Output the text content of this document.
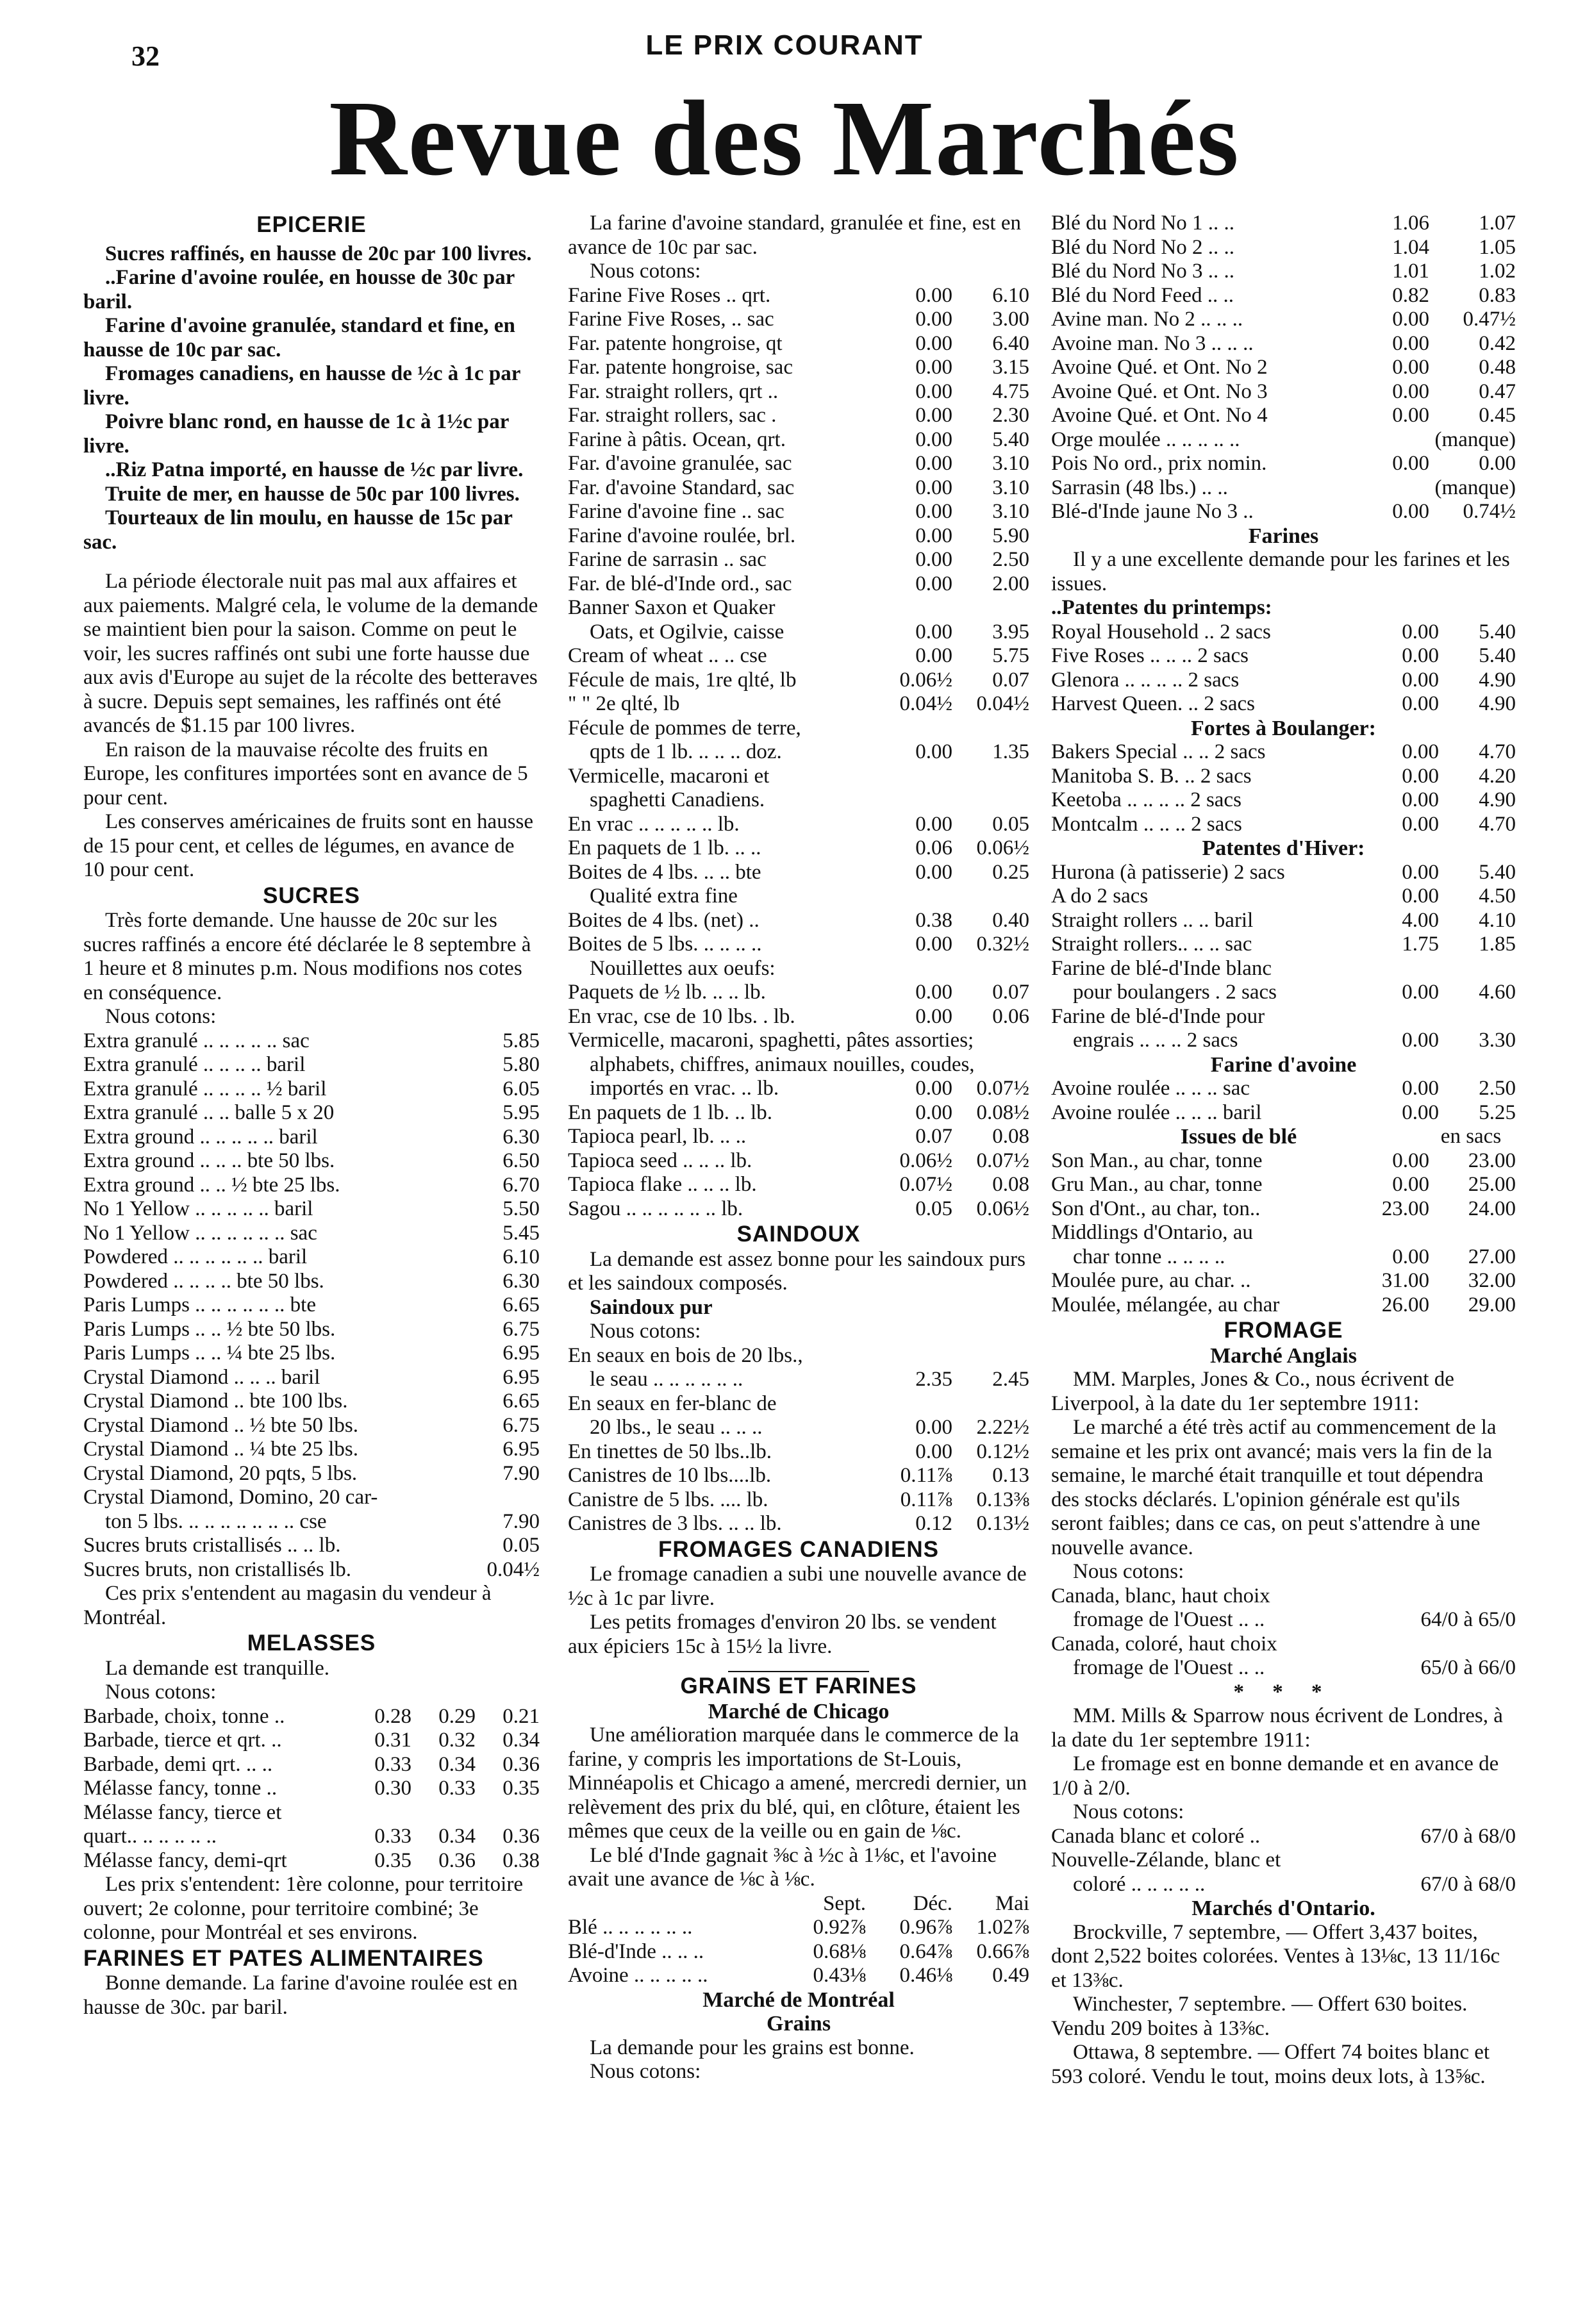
32	LE PRIX COURANT
Revue des Marchés
EPICERIE

Sucres raffinés, en hausse de 20c par 100 livres.

..Farine d'avoine roulée, en housse de 30c par baril.

Farine d'avoine granulée, standard et fine, en hausse de 10c par sac.

Fromages canadiens, en hausse de ½c à 1c par livre.

Poivre blanc rond, en hausse de 1c à 1½c par livre.

..Riz Patna importé, en hausse de ½c par livre.

Truite de mer, en hausse de 50c par 100 livres.

Tourteaux de lin moulu, en hausse de 15c par sac.

La période électorale nuit pas mal aux affaires et aux paiements. Malgré cela, le volume de la demande se maintient bien pour la saison. Comme on peut le voir, les sucres raffinés ont subi une forte hausse due aux avis d'Europe au sujet de la récolte des betteraves à sucre. Depuis sept semaines, les raffinés ont été avancés de $1.15 par 100 livres.

En raison de la mauvaise récolte des fruits en Europe, les confitures importées sont en avance de 5 pour cent.

Les conserves américaines de fruits sont en hausse de 15 pour cent, et celles de légumes, en avance de 10 pour cent.

SUCRES

Très forte demande. Une hausse de 20c sur les sucres raffinés a encore été déclarée le 8 septembre à 1 heure et 8 minutes p.m. Nous modifions nos cotes en conséquence.

Nous cotons:

Extra granulé .. .. .. .. .. sac	5.85
Extra granulé .. .. .. .. baril	5.80
Extra granulé .. .. .. .. ½ baril	6.05
Extra granulé .. .. balle 5 x 20	5.95
Extra ground .. .. .. .. .. baril	6.30
Extra ground .. .. .. bte 50 lbs.	6.50
Extra ground .. .. ½ bte 25 lbs.	6.70
No 1 Yellow .. .. .. .. .. baril	5.50
No 1 Yellow .. .. .. .. .. .. sac	5.45
Powdered .. .. .. .. .. .. baril	6.10
Powdered .. .. .. .. bte 50 lbs.	6.30
Paris Lumps .. .. .. .. .. .. bte	6.65
Paris Lumps .. .. ½ bte 50 lbs.	6.75
Paris Lumps .. .. ¼ bte 25 lbs.	6.95
Crystal Diamond .. .. .. baril	6.95
Crystal Diamond .. bte 100 lbs.	6.65
Crystal Diamond .. ½ bte 50 lbs.	6.75
Crystal Diamond .. ¼ bte 25 lbs.	6.95
Crystal Diamond, 20 pqts, 5 lbs.	7.90

Crystal Diamond, Domino, 20 car-

ton 5 lbs. .. .. .. .. .. .. .. cse	7.90
Sucres bruts cristallisés .. .. lb.	0.05
Sucres bruts, non cristallisés lb.	0.04½

Ces prix s'entendent au magasin du vendeur à Montréal.

MELASSES

La demande est tranquille.

Nous cotons:

Barbade, choix, tonne ..	0.28	0.29	0.21
Barbade, tierce et qrt. ..	0.31	0.32	0.34
Barbade, demi qrt. .. ..	0.33	0.34	0.36
Mélasse fancy, tonne ..	0.30	0.33	0.35

Mélasse fancy, tierce et

quart.. .. .. .. .. ..	0.33	0.34	0.36
Mélasse fancy, demi-qrt	0.35	0.36	0.38

Les prix s'entendent: 1ère colonne, pour territoire ouvert; 2e colonne, pour territoire combiné; 3e colonne, pour Montréal et ses environs.

FARINES ET PATES ALIMENTAIRES

Bonne demande. La farine d'avoine roulée est en hausse de 30c. par baril.

La farine d'avoine standard, granulée et fine, est en avance de 10c par sac.

Nous cotons:

Farine Five Roses .. qrt.	0.00	6.10
Farine Five Roses, .. sac	0.00	3.00
Far. patente hongroise, qt	0.00	6.40
Far. patente hongroise, sac	0.00	3.15
Far. straight rollers, qrt ..	0.00	4.75
Far. straight rollers, sac .	0.00	2.30
Farine à pâtis. Ocean, qrt.	0.00	5.40
Far. d'avoine granulée, sac	0.00	3.10
Far. d'avoine Standard, sac	0.00	3.10
Farine d'avoine fine .. sac	0.00	3.10
Farine d'avoine roulée, brl.	0.00	5.90
Farine de sarrasin .. sac	0.00	2.50
Far. de blé-d'Inde ord., sac	0.00	2.00

Banner Saxon et Quaker

Oats, et Ogilvie, caisse	0.00	3.95
Cream of wheat .. .. cse	0.00	5.75
Fécule de mais, 1re qlté, lb	0.06½	0.07
" " 2e qlté, lb	0.04½	0.04½

Fécule de pommes de terre,

qpts de 1 lb. .. .. .. doz.	0.00	1.35

Vermicelle, macaroni et

spaghetti Canadiens.

En vrac .. .. .. .. .. lb.	0.00	0.05
En paquets de 1 lb. .. ..	0.06	0.06½
Boites de 4 lbs. .. .. bte	0.00	0.25

Qualité extra fine

Boites de 4 lbs. (net) ..	0.38	0.40
Boites de 5 lbs. .. .. .. ..	0.00	0.32½

Nouillettes aux oeufs:

Paquets de ½ lb. .. .. lb.	0.00	0.07
En vrac, cse de 10 lbs. . lb.	0.00	0.06

Vermicelle, macaroni, spaghetti, pâtes assorties; alphabets, chiffres, animaux nouilles, coudes,

importés en vrac. .. lb.	0.00	0.07½
En paquets de 1 lb. .. lb.	0.00	0.08½
Tapioca pearl, lb. .. ..	0.07	0.08
Tapioca seed .. .. .. lb.	0.06½	0.07½
Tapioca flake .. .. .. lb.	0.07½	0.08
Sagou .. .. .. .. .. .. lb.	0.05	0.06½
SAINDOUX

La demande est assez bonne pour les saindoux purs et les saindoux composés.

Saindoux pur

Nous cotons:

En seaux en bois de 20 lbs.,

le seau .. .. .. .. .. ..	2.35	2.45

En seaux en fer-blanc de

20 lbs., le seau .. .. ..	0.00	2.22½
En tinettes de 50 lbs..lb.	0.00	0.12½
Canistres de 10 lbs....lb.	0.11⅞	0.13
Canistre de 5 lbs. .... lb.	0.11⅞	0.13⅜
Canistres de 3 lbs. .. .. lb.	0.12	0.13½
FROMAGES CANADIENS

Le fromage canadien a subi une nouvelle avance de ½c à 1c par livre.

Les petits fromages d'environ 20 lbs. se vendent aux épiciers 15c à 15½ la livre.

GRAINS ET FARINES
Marché de Chicago

Une amélioration marquée dans le commerce de la farine, y compris les importations de St-Louis, Minnéapolis et Chicago a amené, mercredi dernier, un relèvement des prix du blé, qui, en clôture, étaient les mêmes que ceux de la veille ou en gain de ⅛c.

Le blé d'Inde gagnait ⅜c à ½c à 1⅛c, et l'avoine avait une avance de ⅛c à ⅛c.

Sept.	Déc.	Mai
Blé .. .. .. .. .. ..	0.92⅞	0.96⅞	1.02⅞
Blé-d'Inde .. .. ..	0.68⅛	0.64⅞	0.66⅞
Avoine .. .. .. .. ..	0.43⅛	0.46⅛	0.49
Marché de Montréal
Grains

La demande pour les grains est bonne.

Nous cotons:

Blé du Nord No 1 .. ..	1.06	1.07
Blé du Nord No 2 .. ..	1.04	1.05
Blé du Nord No 3 .. ..	1.01	1.02
Blé du Nord Feed .. ..	0.82	0.83
Avine man. No 2 .. .. ..	0.00	0.47½
Avoine man. No 3 .. .. ..	0.00	0.42
Avoine Qué. et Ont. No 2	0.00	0.48
Avoine Qué. et Ont. No 3	0.00	0.47
Avoine Qué. et Ont. No 4	0.00	0.45
Orge moulée .. .. .. .. ..	(manque)
Pois No ord., prix nomin.	0.00	0.00
Sarrasin (48 lbs.) .. ..	(manque)
Blé-d'Inde jaune No 3 ..	0.00	0.74½
Farines

Il y a une excellente demande pour les farines et les issues.

..Patentes du printemps:

Royal Household .. 2 sacs	0.00	5.40
Five Roses .. .. .. 2 sacs	0.00	5.40
Glenora .. .. .. .. 2 sacs	0.00	4.90
Harvest Queen. .. 2 sacs	0.00	4.90
Fortes à Boulanger:
Bakers Special .. .. 2 sacs	0.00	4.70
Manitoba S. B. .. 2 sacs	0.00	4.20
Keetoba .. .. .. .. 2 sacs	0.00	4.90
Montcalm .. .. .. 2 sacs	0.00	4.70
Patentes d'Hiver:
Hurona (à patisserie) 2 sacs	0.00	5.40
A do 2 sacs	0.00	4.50
Straight rollers .. .. baril	4.00	4.10
Straight rollers.. .. .. sac	1.75	1.85

Farine de blé-d'Inde blanc

pour boulangers . 2 sacs	0.00	4.60

Farine de blé-d'Inde pour

engrais .. .. .. 2 sacs	0.00	3.30
Farine d'avoine
Avoine roulée .. .. .. sac	0.00	2.50
Avoine roulée .. .. .. baril	0.00	5.25
Issues de blé	en sacs
Son Man., au char, tonne	0.00	23.00
Gru Man., au char, tonne	0.00	25.00
Son d'Ont., au char, ton..	23.00	24.00

Middlings d'Ontario, au

char tonne .. .. .. ..	0.00	27.00
Moulée pure, au char. ..	31.00	32.00
Moulée, mélangée, au char	26.00	29.00
FROMAGE
Marché Anglais

MM. Marples, Jones & Co., nous écrivent de Liverpool, à la date du 1er septembre 1911:

Le marché a été très actif au commencement de la semaine et les prix ont avancé; mais vers la fin de la semaine, le marché était tranquille et tout dépendra des stocks déclarés. L'opinion générale est qu'ils seront faibles; dans ce cas, on peut s'attendre à une nouvelle avance.

Nous cotons:

Canada, blanc, haut choix

fromage de l'Ouest .. ..	64/0 à 65/0

Canada, coloré, haut choix

fromage de l'Ouest .. ..	65/0 à 66/0
* * *

MM. Mills & Sparrow nous écrivent de Londres, à la date du 1er septembre 1911:

Le fromage est en bonne demande et en avance de 1/0 à 2/0.

Nous cotons:

Canada blanc et coloré ..	67/0 à 68/0

Nouvelle-Zélande, blanc et

coloré .. .. .. .. ..	67/0 à 68/0
Marchés d'Ontario.

Brockville, 7 septembre, — Offert 3,437 boites, dont 2,522 boites colorées. Ventes à 13⅛c, 13 11/16c et 13⅜c.

Winchester, 7 septembre. — Offert 630 boites. Vendu 209 boites à 13⅜c.

Ottawa, 8 septembre. — Offert 74 boites blanc et 593 coloré. Vendu le tout, moins deux lots, à 13⅝c.
